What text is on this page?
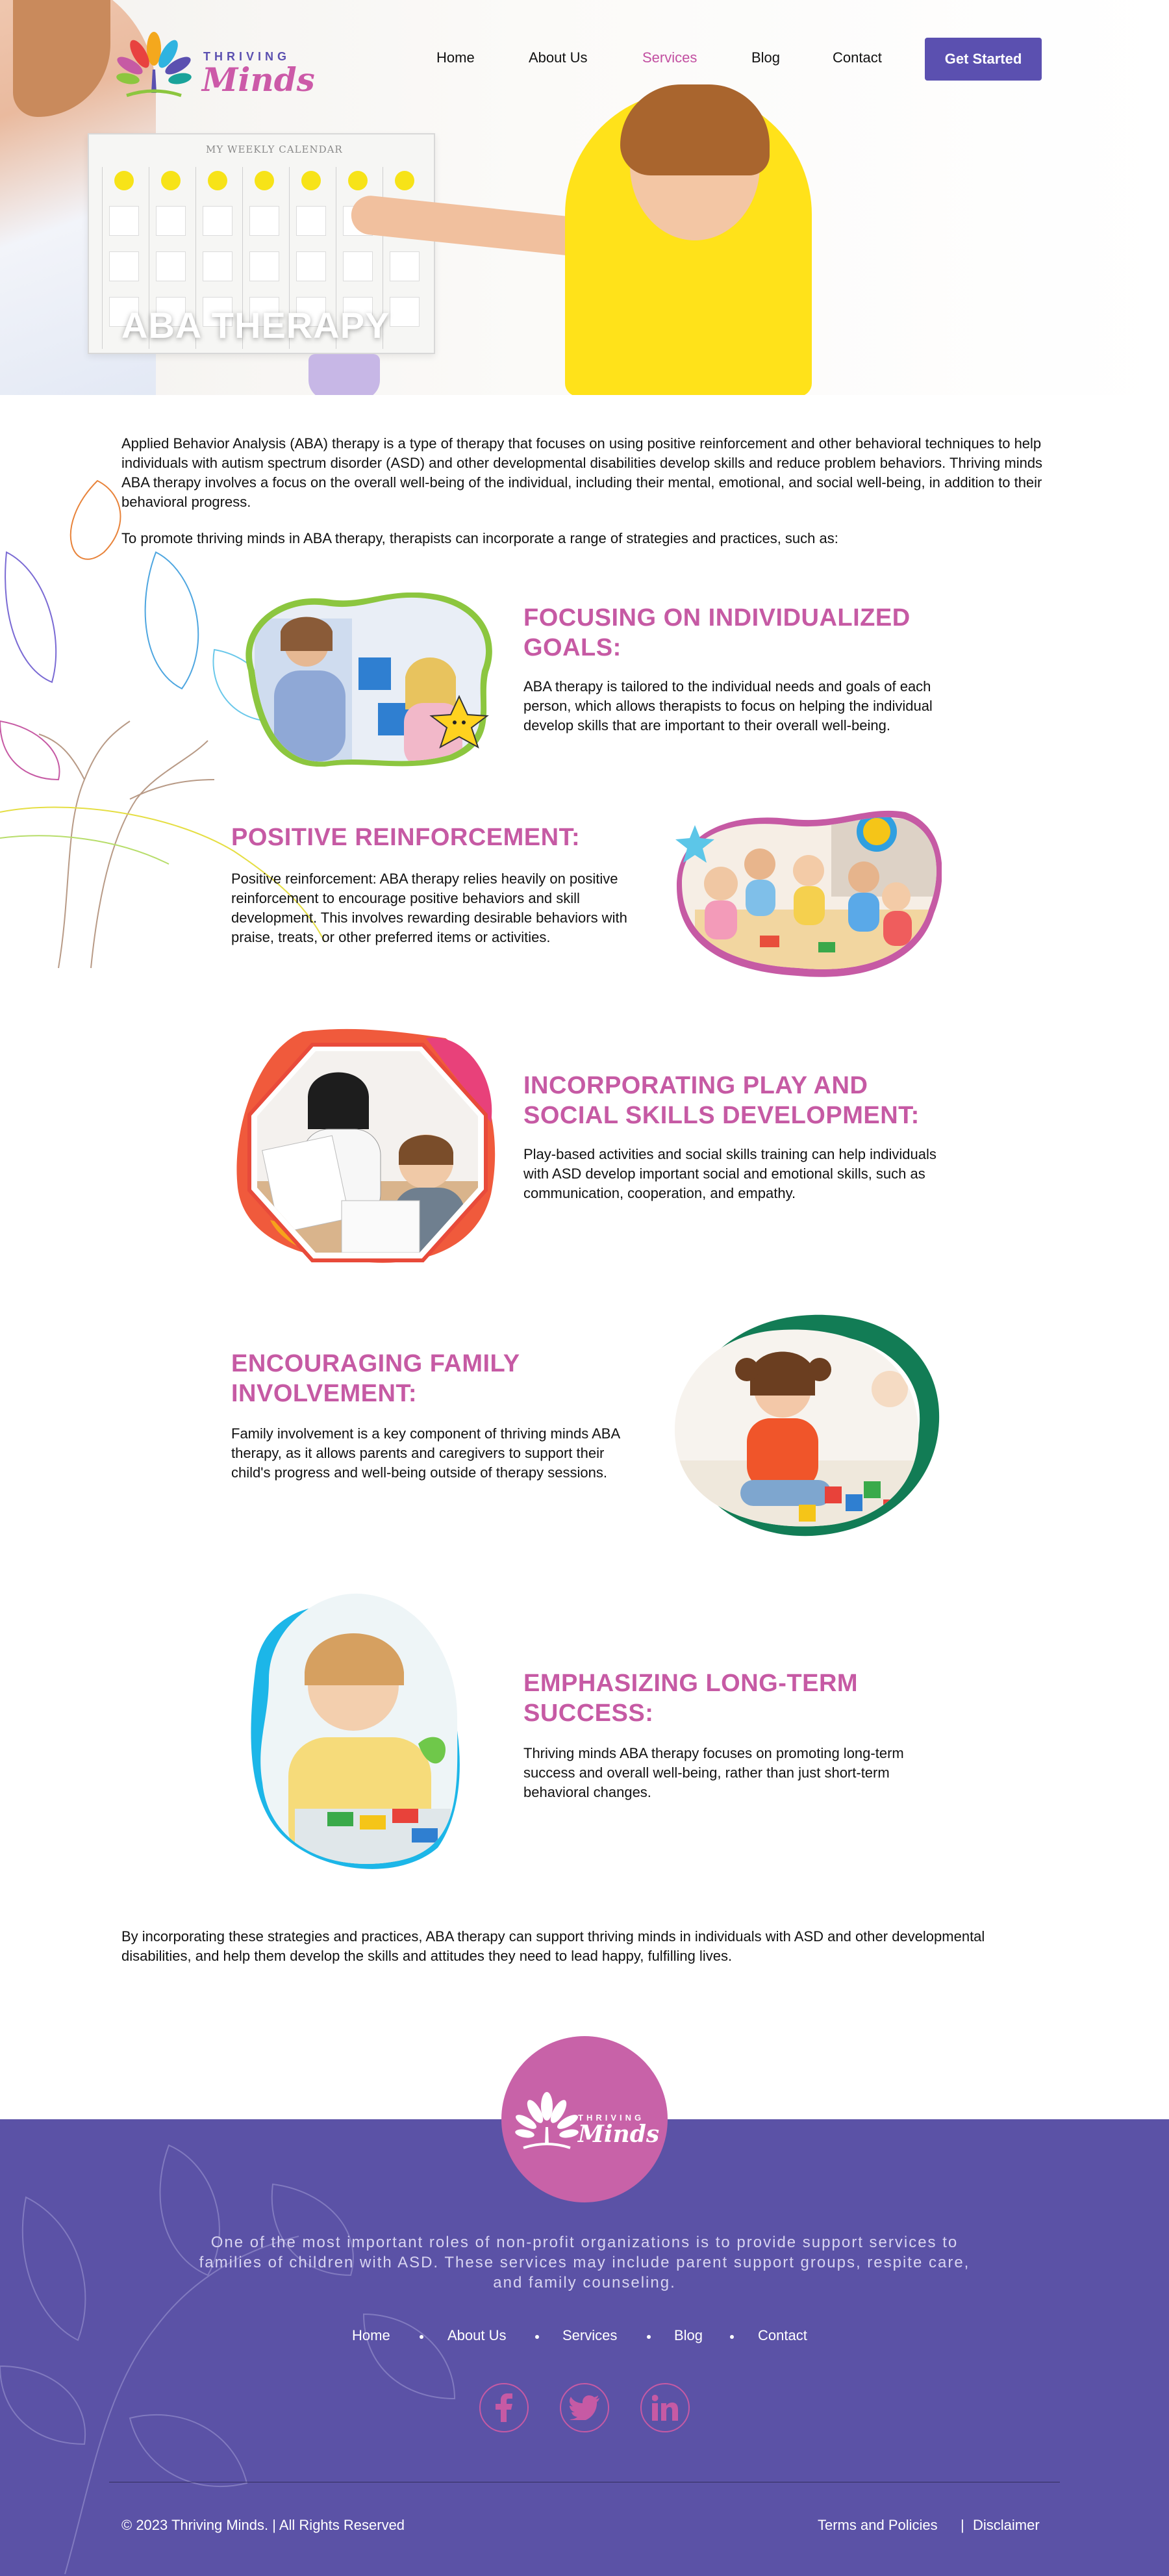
MY WEEKLY CALENDAR
ABA THERAPY
THRIVING
Minds
Home	About Us	Services	Blog	Contact	Get Started

Applied Behavior Analysis (ABA) therapy is a type of therapy that focuses on using positive reinforcement and other behavioral techniques to help individuals with autism spectrum disorder (ASD) and other developmental disabilities develop skills and reduce problem behaviors. Thriving minds ABA therapy involves a focus on the overall well-being of the individual, including their mental, emotional, and social well-being, in addition to their behavioral progress.

To promote thriving minds in ABA therapy, therapists can incorporate a range of strategies and practices, such as:

FOCUSING ON INDIVIDUALIZED GOALS:

ABA therapy is tailored to the individual needs and goals of each person, which allows therapists to focus on helping the individual develop skills that are important to their overall well-being.

POSITIVE REINFORCEMENT:

Positive reinforcement: ABA therapy relies heavily on positive reinforcement to encourage positive behaviors and skill development. This involves rewarding desirable behaviors with praise, treats, or other preferred items or activities.

INCORPORATING PLAY AND SOCIAL SKILLS DEVELOPMENT:

Play-based activities and social skills training can help individuals with ASD develop important social and emotional skills, such as communication, cooperation, and empathy.

ENCOURAGING FAMILY INVOLVEMENT:

Family involvement is a key component of thriving minds ABA therapy, as it allows parents and caregivers to support their child's progress and well-being outside of therapy sessions.

EMPHASIZING LONG-TERM SUCCESS:

Thriving minds ABA therapy focuses on promoting long-term success and overall well-being, rather than just short-term behavioral changes.

By incorporating these strategies and practices, ABA therapy can support thriving minds in individuals with ASD and other developmental disabilities, and help them develop the skills and attitudes they need to lead happy, fulfilling lives.

THRIVING
Minds

One of the most important roles of non-profit organizations is to provide support services to families of children with ASD. These services may include parent support groups, respite care, and family counseling.

Home	About Us	Services	Blog	Contact
© 2023 Thriving Minds. | All Rights Reserved	Terms and Policies | Disclaimer
